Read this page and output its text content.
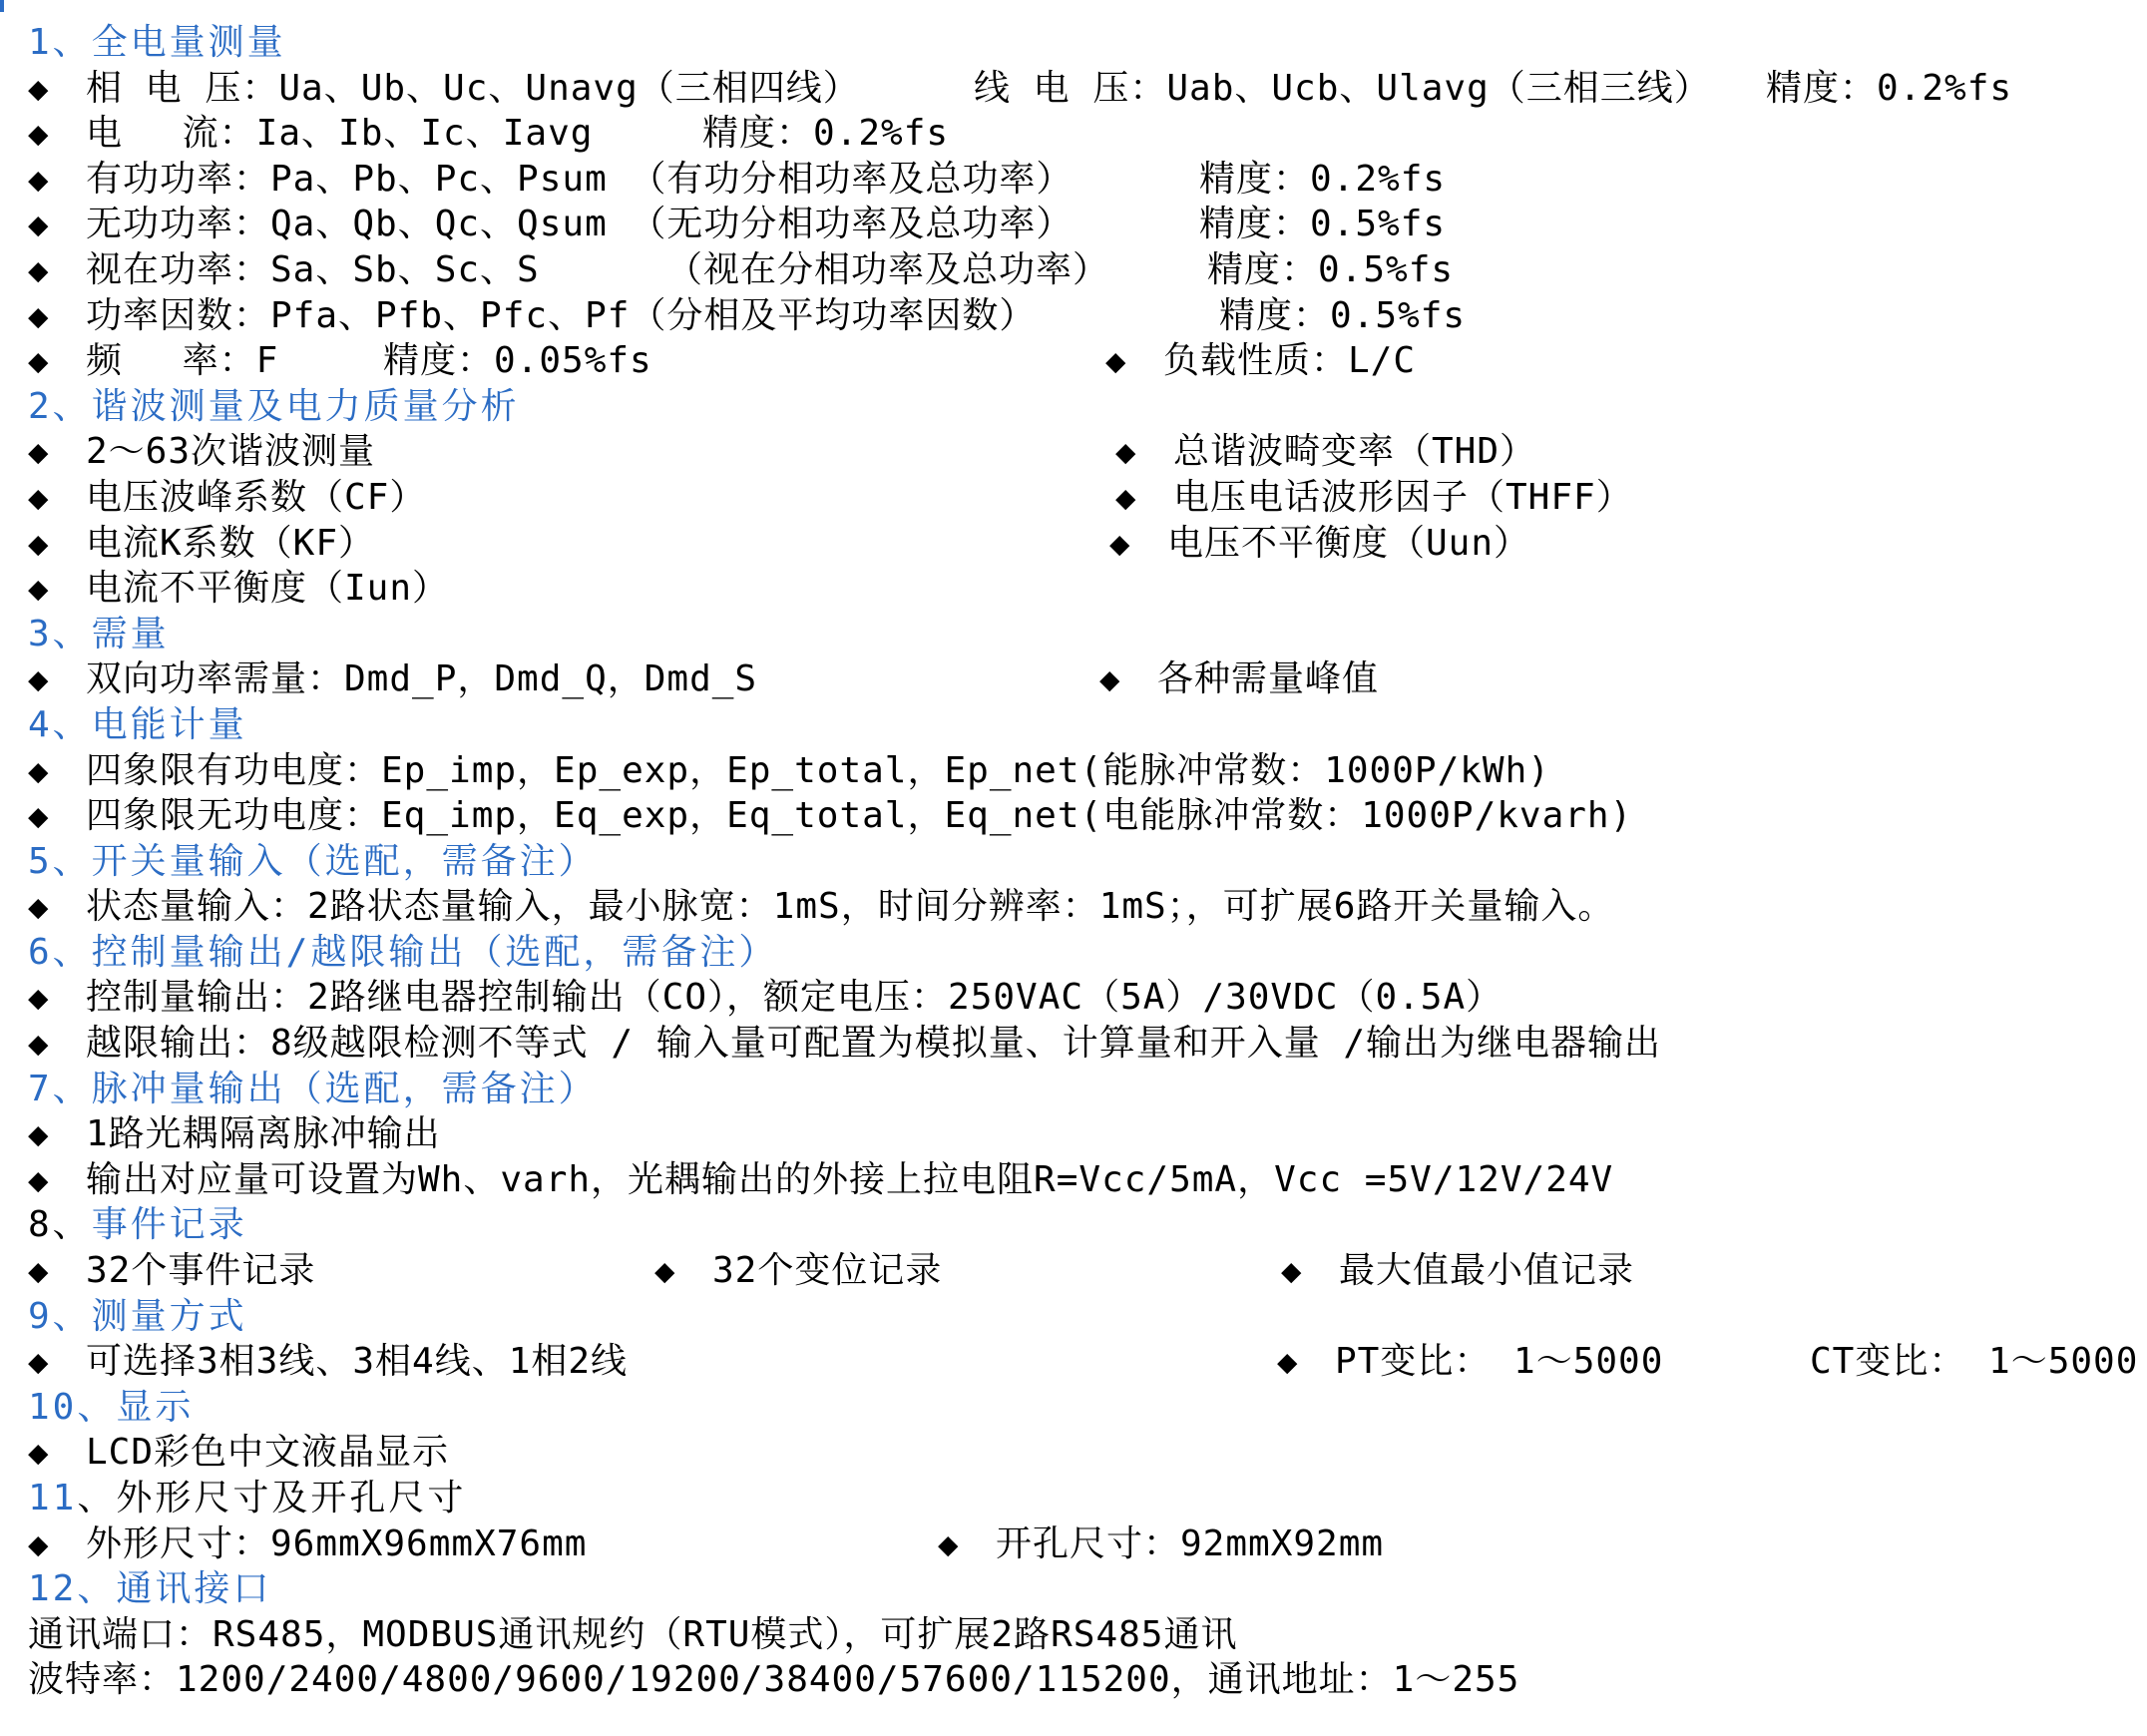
1、全电量测量
◆ 相 电 压：Ua、Ub、Uc、Unavg（三相四线）	线 电 压：Uab、Ucb、Ulavg（三相三线） 精度：0.2%fs
◆ 电　 流：Ia、Ib、Ic、Iavg	精度：0.2%fs
◆ 有功功率：Pa、Pb、Pc、Psum （有功分相功率及总功率）	精度：0.2%fs
◆ 无功功率：Qa、Qb、Qc、Qsum （无功分相功率及总功率）	精度：0.5%fs
◆ 视在功率：Sa、Sb、Sc、S	（视在分相功率及总功率）	精度：0.5%fs
◆ 功率因数：Pfa、Pfb、Pfc、Pf（分相及平均功率因数）	精度：0.5%fs
◆ 频　 率：F	精度：0.05%fs	◆ 负载性质：L/C
2、谐波测量及电力质量分析
◆ 2～63次谐波测量	◆ 总谐波畸变率（THD）
◆ 电压波峰系数（CF）	◆ 电压电话波形因子（THFF）
◆ 电流K系数（KF）	◆ 电压不平衡度（Uun）
◆ 电流不平衡度（Iun）
3、需量
◆ 双向功率需量：Dmd_P，Dmd_Q，Dmd_S	◆ 各种需量峰值
4、电能计量
◆ 四象限有功电度：Ep_imp，Ep_exp，Ep_total，Ep_net(能脉冲常数：1000P/kWh)
◆ 四象限无功电度：Eq_imp，Eq_exp，Eq_total，Eq_net(电能脉冲常数：1000P/kvarh)
5、开关量输入（选配，需备注）
◆ 状态量输入：2路状态量输入，最小脉宽：1mS，时间分辨率：1mS；，可扩展6路开关量输入。
6、控制量输出/越限输出（选配，需备注）
◆ 控制量输出：2路继电器控制输出（CO），额定电压：250VAC（5A）/30VDC（0.5A）
◆ 越限输出：8级越限检测不等式 / 输入量可配置为模拟量、计算量和开入量 /输出为继电器输出
7、脉冲量输出（选配，需备注）
◆ 1路光耦隔离脉冲输出
◆ 输出对应量可设置为Wh、varh，光耦输出的外接上拉电阻R=Vcc/5mA，Vcc =5V/12V/24V
8、事件记录
◆ 32个事件记录	◆ 32个变位记录	◆ 最大值最小值记录
9、测量方式
◆ 可选择3相3线、3相4线、1相2线	◆ PT变比： 1～5000	CT变比： 1～5000
10、显示
◆ LCD彩色中文液晶显示
11、外形尺寸及开孔尺寸
◆ 外形尺寸：96mmX96mmX76mm	◆ 开孔尺寸：92mmX92mm
12、通讯接口
通讯端口：RS485，MODBUS通讯规约（RTU模式），可扩展2路RS485通讯
波特率：1200/2400/4800/9600/19200/38400/57600/115200，通讯地址：1～255
